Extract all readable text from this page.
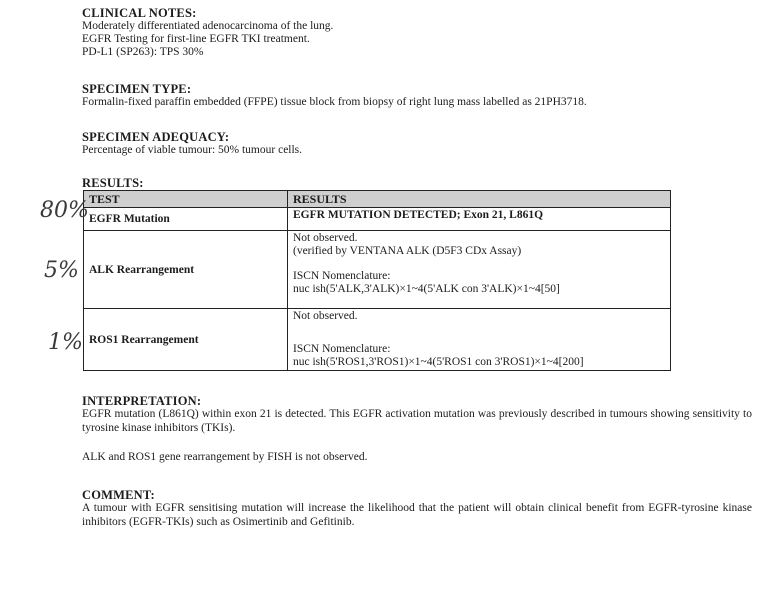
CLINICAL NOTES:
Moderately differentiated adenocarcinoma of the lung.
EGFR Testing for first-line EGFR TKI treatment.
PD-L1 (SP263): TPS 30%
SPECIMEN TYPE:
Formalin-fixed paraffin embedded (FFPE) tissue block from biopsy of right lung mass labelled as 21PH3718.
SPECIMEN ADEQUACY:
Percentage of viable tumour: 50% tumour cells.
RESULTS:
TEST	RESULTS
EGFR Mutation	EGFR MUTATION DETECTED; Exon 21, L861Q
ALK Rearrangement	Not observed.
(verified by VENTANA ALK (D5F3 CDx Assay)
ISCN Nomenclature:
nuc ish(5'ALK,3'ALK)×1~4(5'ALK con 3'ALK)×1~4[50]

ROS1 Rearrangement	Not observed.
ISCN Nomenclature:
nuc ish(5'ROS1,3'ROS1)×1~4(5'ROS1 con 3'ROS1)×1~4[200]
80%
5%
1%
INTERPRETATION:
EGFR mutation (L861Q) within exon 21 is detected. This EGFR activation mutation was previously described in tumours showing sensitivity to tyrosine kinase inhibitors (TKIs).
ALK and ROS1 gene rearrangement by FISH is not observed.
COMMENT:
A tumour with EGFR sensitising mutation will increase the likelihood that the patient will obtain clinical benefit from EGFR-tyrosine kinase inhibitors (EGFR-TKIs) such as Osimertinib and Gefitinib.
